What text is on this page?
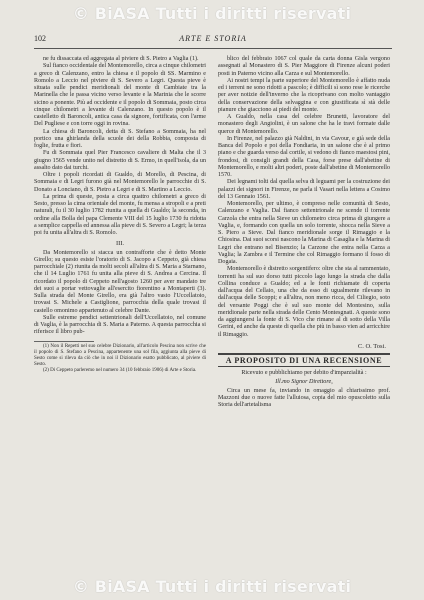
© BiASA Tutti i diritti riservati
102	ARTE E STORIA

ne fu dissaccata ed aggregata al piviere di S. Pietro a Vaglia (1).

Sul fianco occidentale del Montemorello, circa a cinque chilometri a greco di Calenzano, entro la chiesa e il popolo di SS. Marmino e Romolo a Leccio nel piviere di S. Severo a Legri. Questa pieve è situata sulle pendici meridionali del monte di Cambiate tra la Marinella che le passa vicino verso levante e la Marinia che le scorre sicino a ponente. Più ad occidente e il popolo di Sommaia, posto circa cinque chilometri a levante di Calenzano. In questo popolo è il castelletto di Baroncoli, antica casa da signore, fortificata, con l'arme Del Pugliese e con torre oggi in rovina.

La chiesa di Baroncoli, detta di S. Stefano a Sommaia, ha nel portico una ghirlanda della scuole dei della Robbia, composta di foglie, frutta e fiori.

Fu di Sommaia quel Pier Francesco cavaliere di Malta che il 3 giugno 1565 vende unito nel distretto di S. Ermo, in quell'isola, da un assalto dato dai turchi.

Oltre i popoli ricordati di Gualdo, di Morello, di Pescina, di Sommaia e di Legri furono già nel Montemorello le parrocchie di S. Donato a Lonciano, di S. Pietro a Legri e di S. Martino a Leccio.

La prima di queste, posta a circa quattro chilometri a greco di Sesto, presso la cima orientale del monte, fu mensa a stropoli e a preti naturali, fu il 30 luglio 1782 riunita a quella di Gualdo; la seconda, in ordine alla Bolla del papa Clemente VIII del 15 luglio 1730 fu ridotta a semplice cappella ed annessa alla pieve di S. Severo a Legri; la terza poi fu unita all'altra di S. Romolo.

III.

Da Montemorello si stacca un contrafforte che è detto Monte Girello; su questo esiste l'oratorio di S. Jacopo a Ceppeto, già chiesa parrocchiale (2) riunita da molti secoli all'altra di S. Maria a Starnano, che il 14 Luglio 1761 fu unita alla pieve di S. Andrea a Cercina. Il ricordato il popolo di Ceppeto nell'agosto 1260 per aver mandato tre dei suoi a portar vettovaglie all'esercito fiorentino a Montaperti (3). Sulla strada del Monte Girello, era già l'altro vasto l'Uccellatoio, trovasi S. Michele a Castiglione, parrocchia della quale trovasi il castello omonimo appartenuto al celebre Dante.

Sulle estreme pendici settentrionali dell'Uccellatoio, nel comune di Vaglia, è la parrocchia di S. Maria a Paterno. A questa parrocchia si riferisce il libro pub-

(1) Non il Repetti nel suo celebre Dizionario, all'articolo Pescina non scrive che il popolo di S. Stefano a Pescina, appartenente una sol fila, aggiunta alla pieve di Sesto come si rileva da ciò che in noi il Dizionario esatto pubblicato, al piviere di Sesto.

(2) Di Ceppeto parleremo nel numero 34 (10 febbraio 1906) di Arte e Storia.

blico del febbraio 1067 col quale da carta donna Gisla vergono assegnati al Monastero di S. Pier Maggiore di Firenze alcuni poderi posti in Paterno vicino alla Carza e sul Montemorello.

Ai nostri tempi la parte superiore del Montemorello è affatto nuda ed i terreni ne sono ridotti a pascolo; è difficili sì sono rese le ricerche per aver notizie dell'inverno che la ricoprivano con molto vantaggio della conservazione della selvaggina e con giustificata sì stà delle pianure che giacciono ai piedi del monte.

A Gualdo, nella casa del celebre Brunetti, lavoratore del monastero degli Angiolini, è un salone che ha le travi formate dalle querce di Montemorello.

In Firenze, nel palazzo già Naldini, in via Cavour, e già sede della Banca del Popolo e poi della Fondiaria, in un salone che è al primo piano e che guarda verso dal cortile, si vedono di fianco maestosi pini, frondosi, di consigli grandi della Casa, forse prese dall'abetine di Montemorello, e molti altri poderi, poste dall'abetine di Montemorello 1570.

Dei legnami tolti dal quella selva di leguami per la costruzione dei palazzi dei signori in Firenze, ne parla il Vasari nella lettera a Cosimo del 13 Gennaio 1561.

Montemorello, per ultimo, è compreso nelle comunità di Sesto, Calenzano e Vaglia. Dal fianco settentrionale ne scende il torrente Carzola che entra nella Sieve un chilometro circa prima di giungere a Vaglia, e, formando con quella un solo torrente, shocca nella Sieve a S. Piero a Sieve. Dal fianco meridionale sorge il Rimaggio e la Chiosina. Dai suoi scorsi nascono la Marina di Casaglia e la Marina di Legri che entrano nel Bisenzio; la Carzone che entra nella Carza a Vaglia; la Zambra e il Termine che col Rimaggio formano il fosso di Dogaia.

Montemorello è distretto sorgentifero: oltre che sta al rammentato, torrenti ha sul suo dorso tutti piccolo lago lungo la strada che dalla Collina conduce a Gualdo; ed a le fonti richiamate di coperta dall'acqua del Cellaio, una che da esso di ugualmente rilevano in dall'acqua delle Scoppi; e all'altra, non meno ricca, del Ciliegio, soto del versante Poggi che è sul suo monte del Montesino, sulla meridionale parte nella strada delle Cento Montesgnati. A queste sono da aggiungersi la fonte di S. Vico che rimane al di sotto della Villa Gerini, ed anche da queste di quella che più in basso vien ad arricchire il Rimaggio.

C. O. Tosi.
A PROPOSITO DI UNA RECENSIONE
Ricevuto e pubblichiamo per debito d'imparzialità :
Ill.mo Signor Direttore,

Circa un mese fa, inviando in omaggio al chiarissimo prof. Mazzoni due o nuove fatte l'alluiosa, copia del mio opuscoletto sulla Storia dell'artetalisma

© BiASA Tutti i diritti riservati
